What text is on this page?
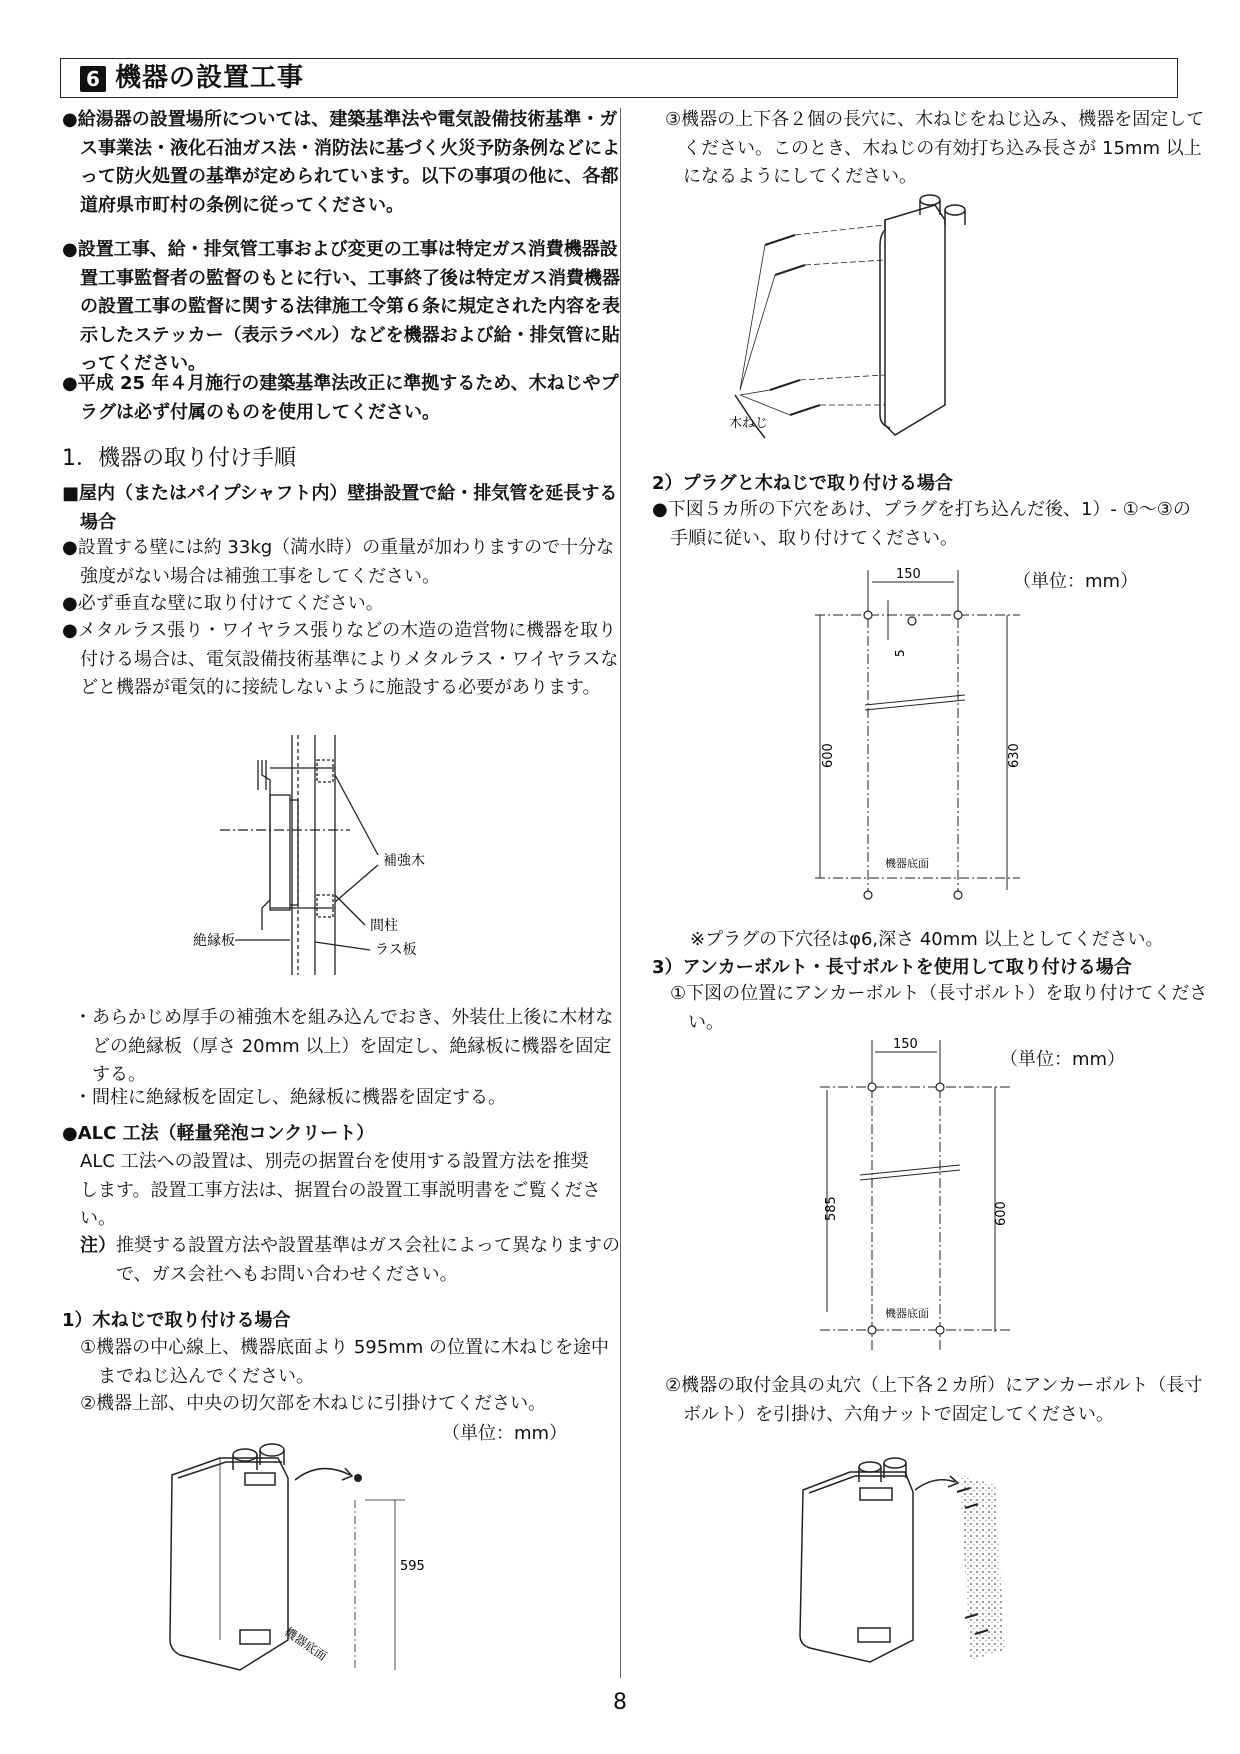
6 機器の設置工事
●給湯器の設置場所については、建築基準法や電気設備技術基準・ガス事業法・液化石油ガス法・消防法に基づく火災予防条例などによって防火処置の基準が定められています。以下の事項の他に、各都道府県市町村の条例に従ってください。
●設置工事、給・排気管工事および変更の工事は特定ガス消費機器設置工事監督者の監督のもとに行い、工事終了後は特定ガス消費機器の設置工事の監督に関する法律施工令第６条に規定された内容を表示したステッカー（表示ラベル）などを機器および給・排気管に貼ってください。
●平成 25 年４月施行の建築基準法改正に準拠するため、木ねじやプラグは必ず付属のものを使用してください。
1．機器の取り付け手順
■屋内（またはパイプシャフト内）壁掛設置で給・排気管を延長する場合
●設置する壁には約 33kg（満水時）の重量が加わりますので十分な強度がない場合は補強工事をしてください。
●必ず垂直な壁に取り付けてください。
●メタルラス張り・ワイヤラス張りなどの木造の造営物に機器を取り付ける場合は、電気設備技術基準によりメタルラス・ワイヤラスなどと機器が電気的に接続しないように施設する必要があります。
補強木
間柱
絶縁板
ラス板
・あらかじめ厚手の補強木を組み込んでおき、外装仕上後に木材などの絶縁板（厚さ 20mm 以上）を固定し、絶縁板に機器を固定する。
・間柱に絶縁板を固定し、絶縁板に機器を固定する。
●ALC 工法（軽量発泡コンクリート）
ALC 工法への設置は、別売の据置台を使用する設置方法を推奨します。設置工事方法は、据置台の設置工事説明書をご覧ください。
注）推奨する設置方法や設置基準はガス会社によって異なりますので、ガス会社へもお問い合わせください。
1）木ねじで取り付ける場合
①機器の中心線上、機器底面より 595mm の位置に木ねじを途中までねじ込んでください。
②機器上部、中央の切欠部を木ねじに引掛けてください。
（単位：mm）
595
機器底面
③機器の上下各２個の長穴に、木ねじをねじ込み、機器を固定してください。このとき、木ねじの有効打ち込み長さが 15mm 以上になるようにしてください。
木ねじ
2）プラグと木ねじで取り付ける場合
●下図５カ所の下穴をあけ、プラグを打ち込んだ後、1）- ①～③の手順に従い、取り付けてください。
（単位：mm）
150
5
600	630
機器底面
※プラグの下穴径はφ6,深さ 40mm 以上としてください。
3）アンカーボルト・長寸ボルトを使用して取り付ける場合
①下図の位置にアンカーボルト（長寸ボルト）を取り付けてください。
（単位：mm）
150
585	600
機器底面
②機器の取付金具の丸穴（上下各２カ所）にアンカーボルト（長寸ボルト）を引掛け、六角ナットで固定してください。
8
